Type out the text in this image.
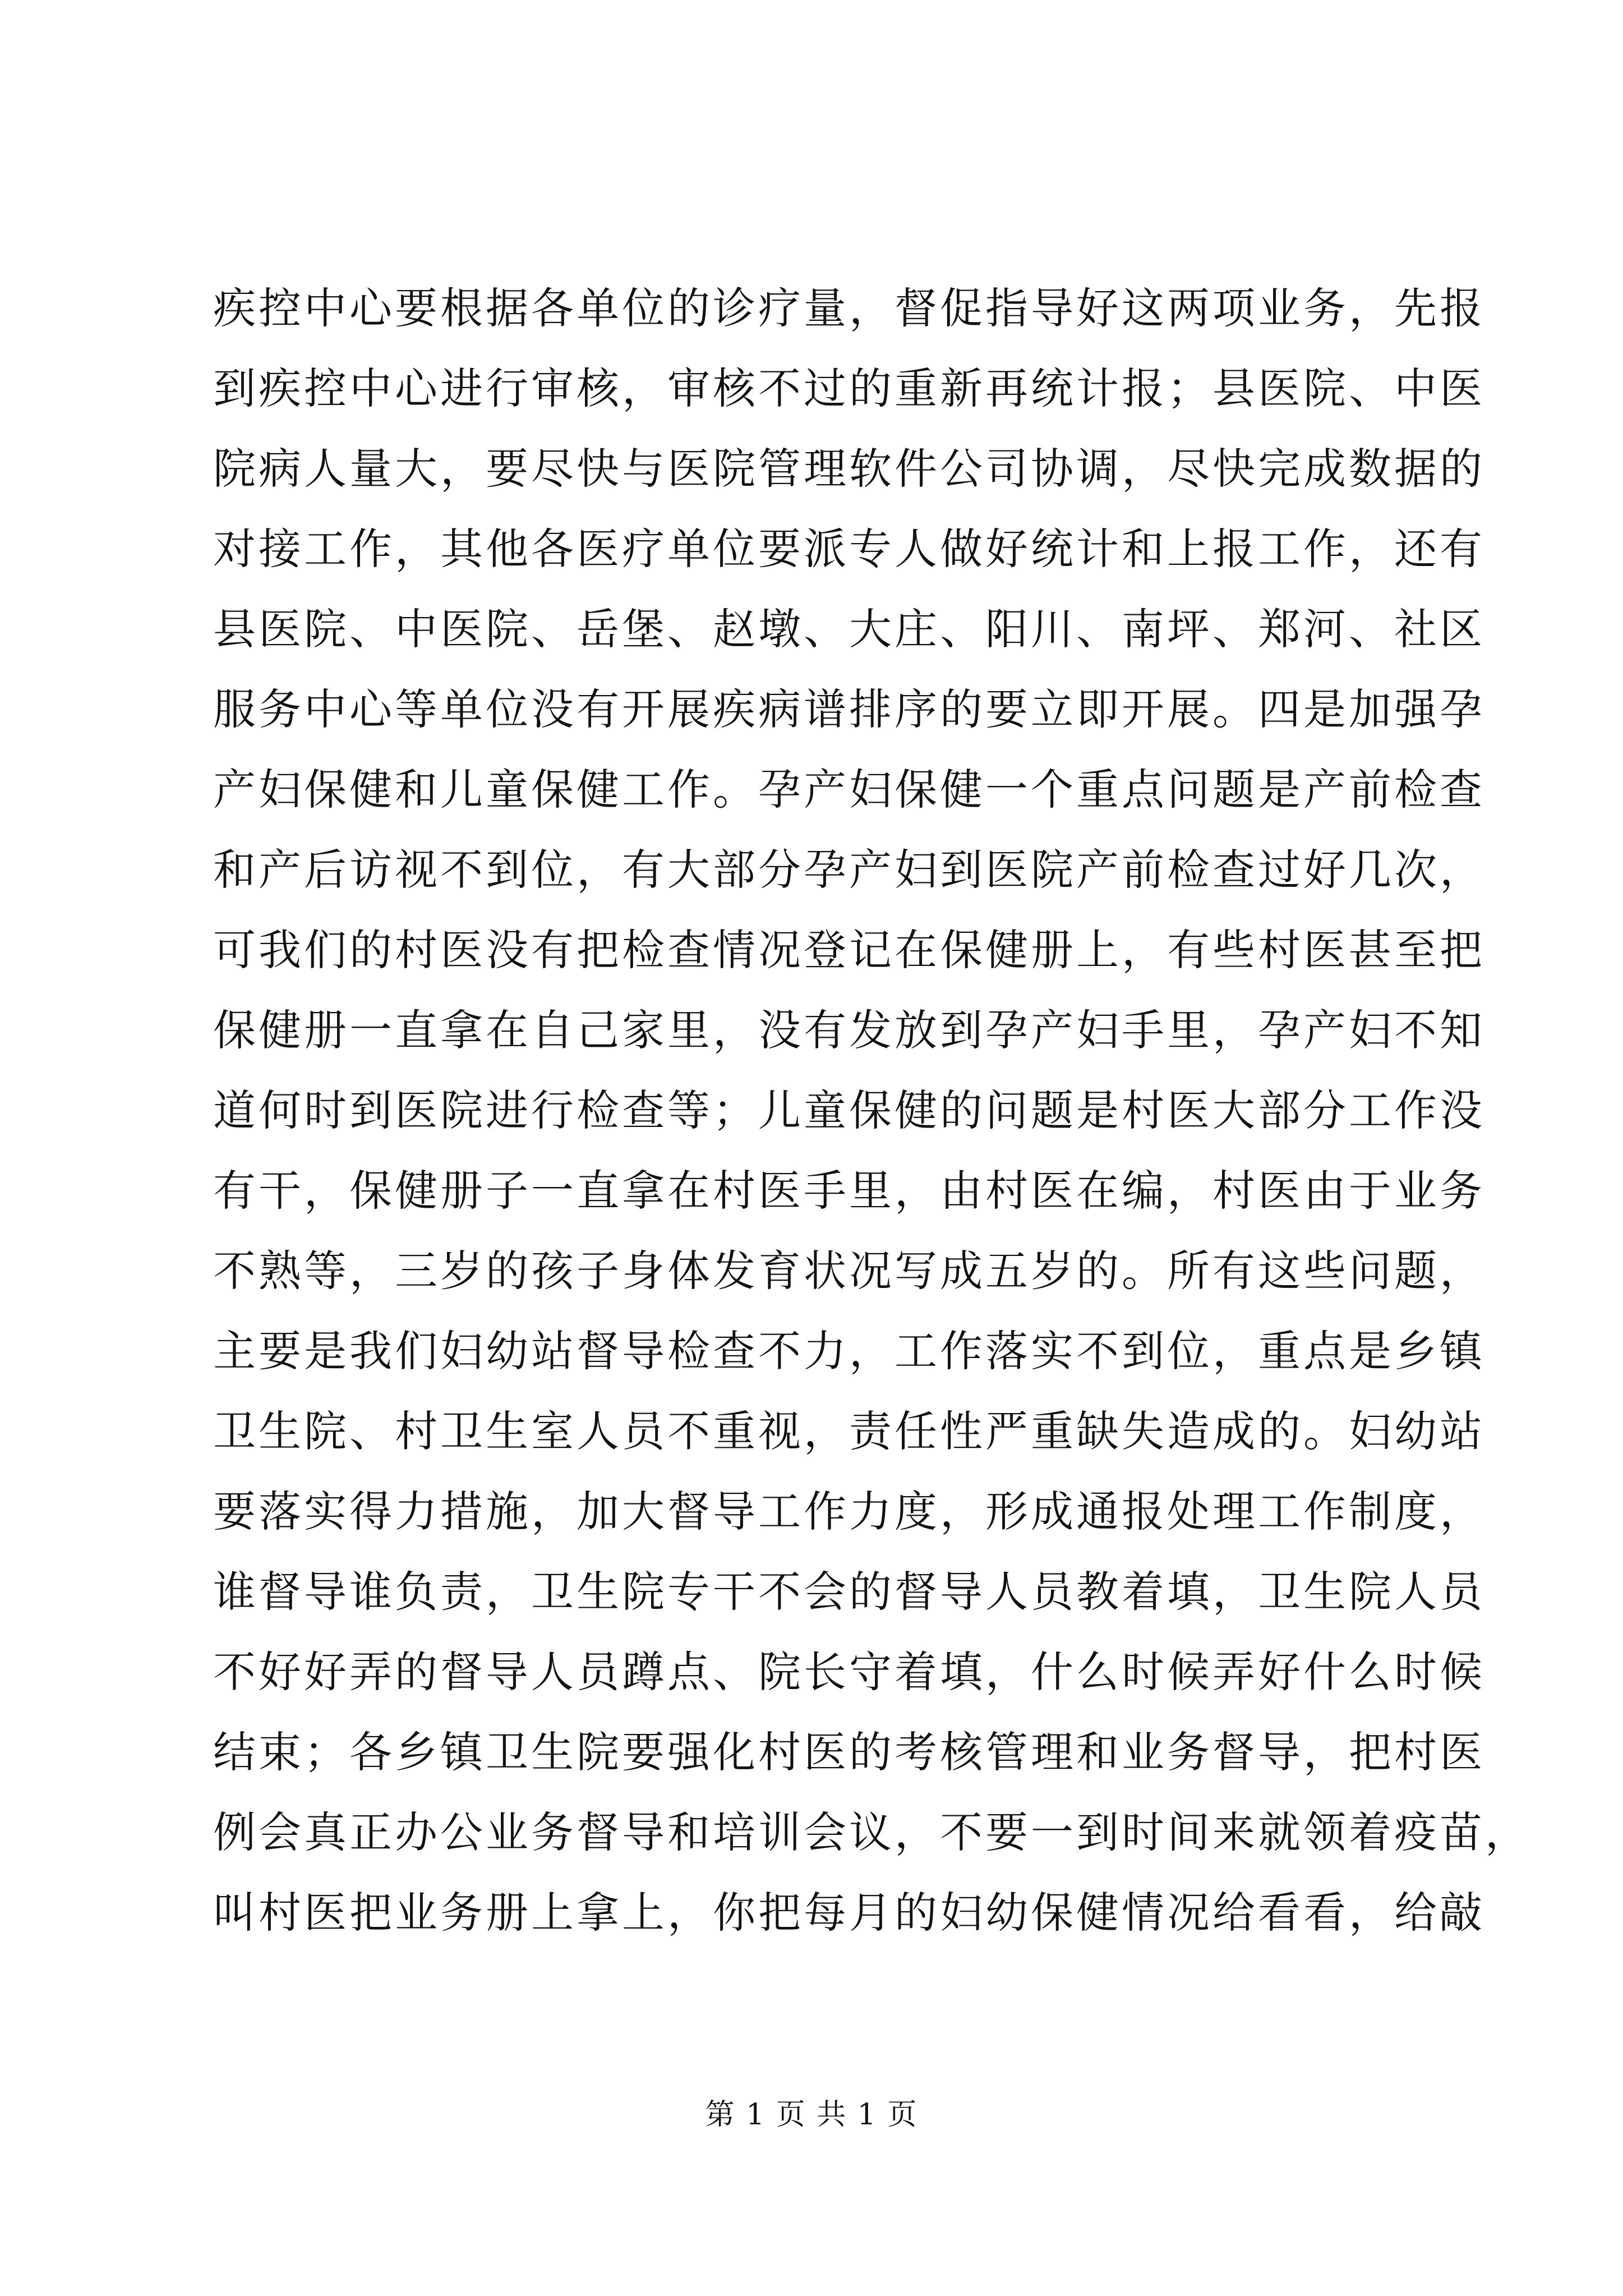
疾控中心要根据各单位的诊疗量，督促指导好这两项业务，先报
到疾控中心进行审核，审核不过的重新再统计报；县医院、中医
院病人量大，要尽快与医院管理软件公司协调，尽快完成数据的
对接工作，其他各医疗单位要派专人做好统计和上报工作，还有
县医院、中医院、岳堡、赵墩、大庄、阳川、南坪、郑河、社区
服务中心等单位没有开展疾病谱排序的要立即开展。四是加强孕
产妇保健和儿童保健工作。孕产妇保健一个重点问题是产前检查
和产后访视不到位，有大部分孕产妇到医院产前检查过好几次，
可我们的村医没有把检查情况登记在保健册上，有些村医甚至把
保健册一直拿在自己家里，没有发放到孕产妇手里，孕产妇不知
道何时到医院进行检查等；儿童保健的问题是村医大部分工作没
有干，保健册子一直拿在村医手里，由村医在编，村医由于业务
不熟等，三岁的孩子身体发育状况写成五岁的。所有这些问题，
主要是我们妇幼站督导检查不力，工作落实不到位，重点是乡镇
卫生院、村卫生室人员不重视，责任性严重缺失造成的。妇幼站
要落实得力措施，加大督导工作力度，形成通报处理工作制度，
谁督导谁负责，卫生院专干不会的督导人员教着填，卫生院人员
不好好弄的督导人员蹲点、院长守着填，什么时候弄好什么时候
结束；各乡镇卫生院要强化村医的考核管理和业务督导，把村医
例会真正办公业务督导和培训会议，不要一到时间来就领着疫苗，
叫村医把业务册上拿上，你把每月的妇幼保健情况给看看，给敲
第 1 页 共 1 页
